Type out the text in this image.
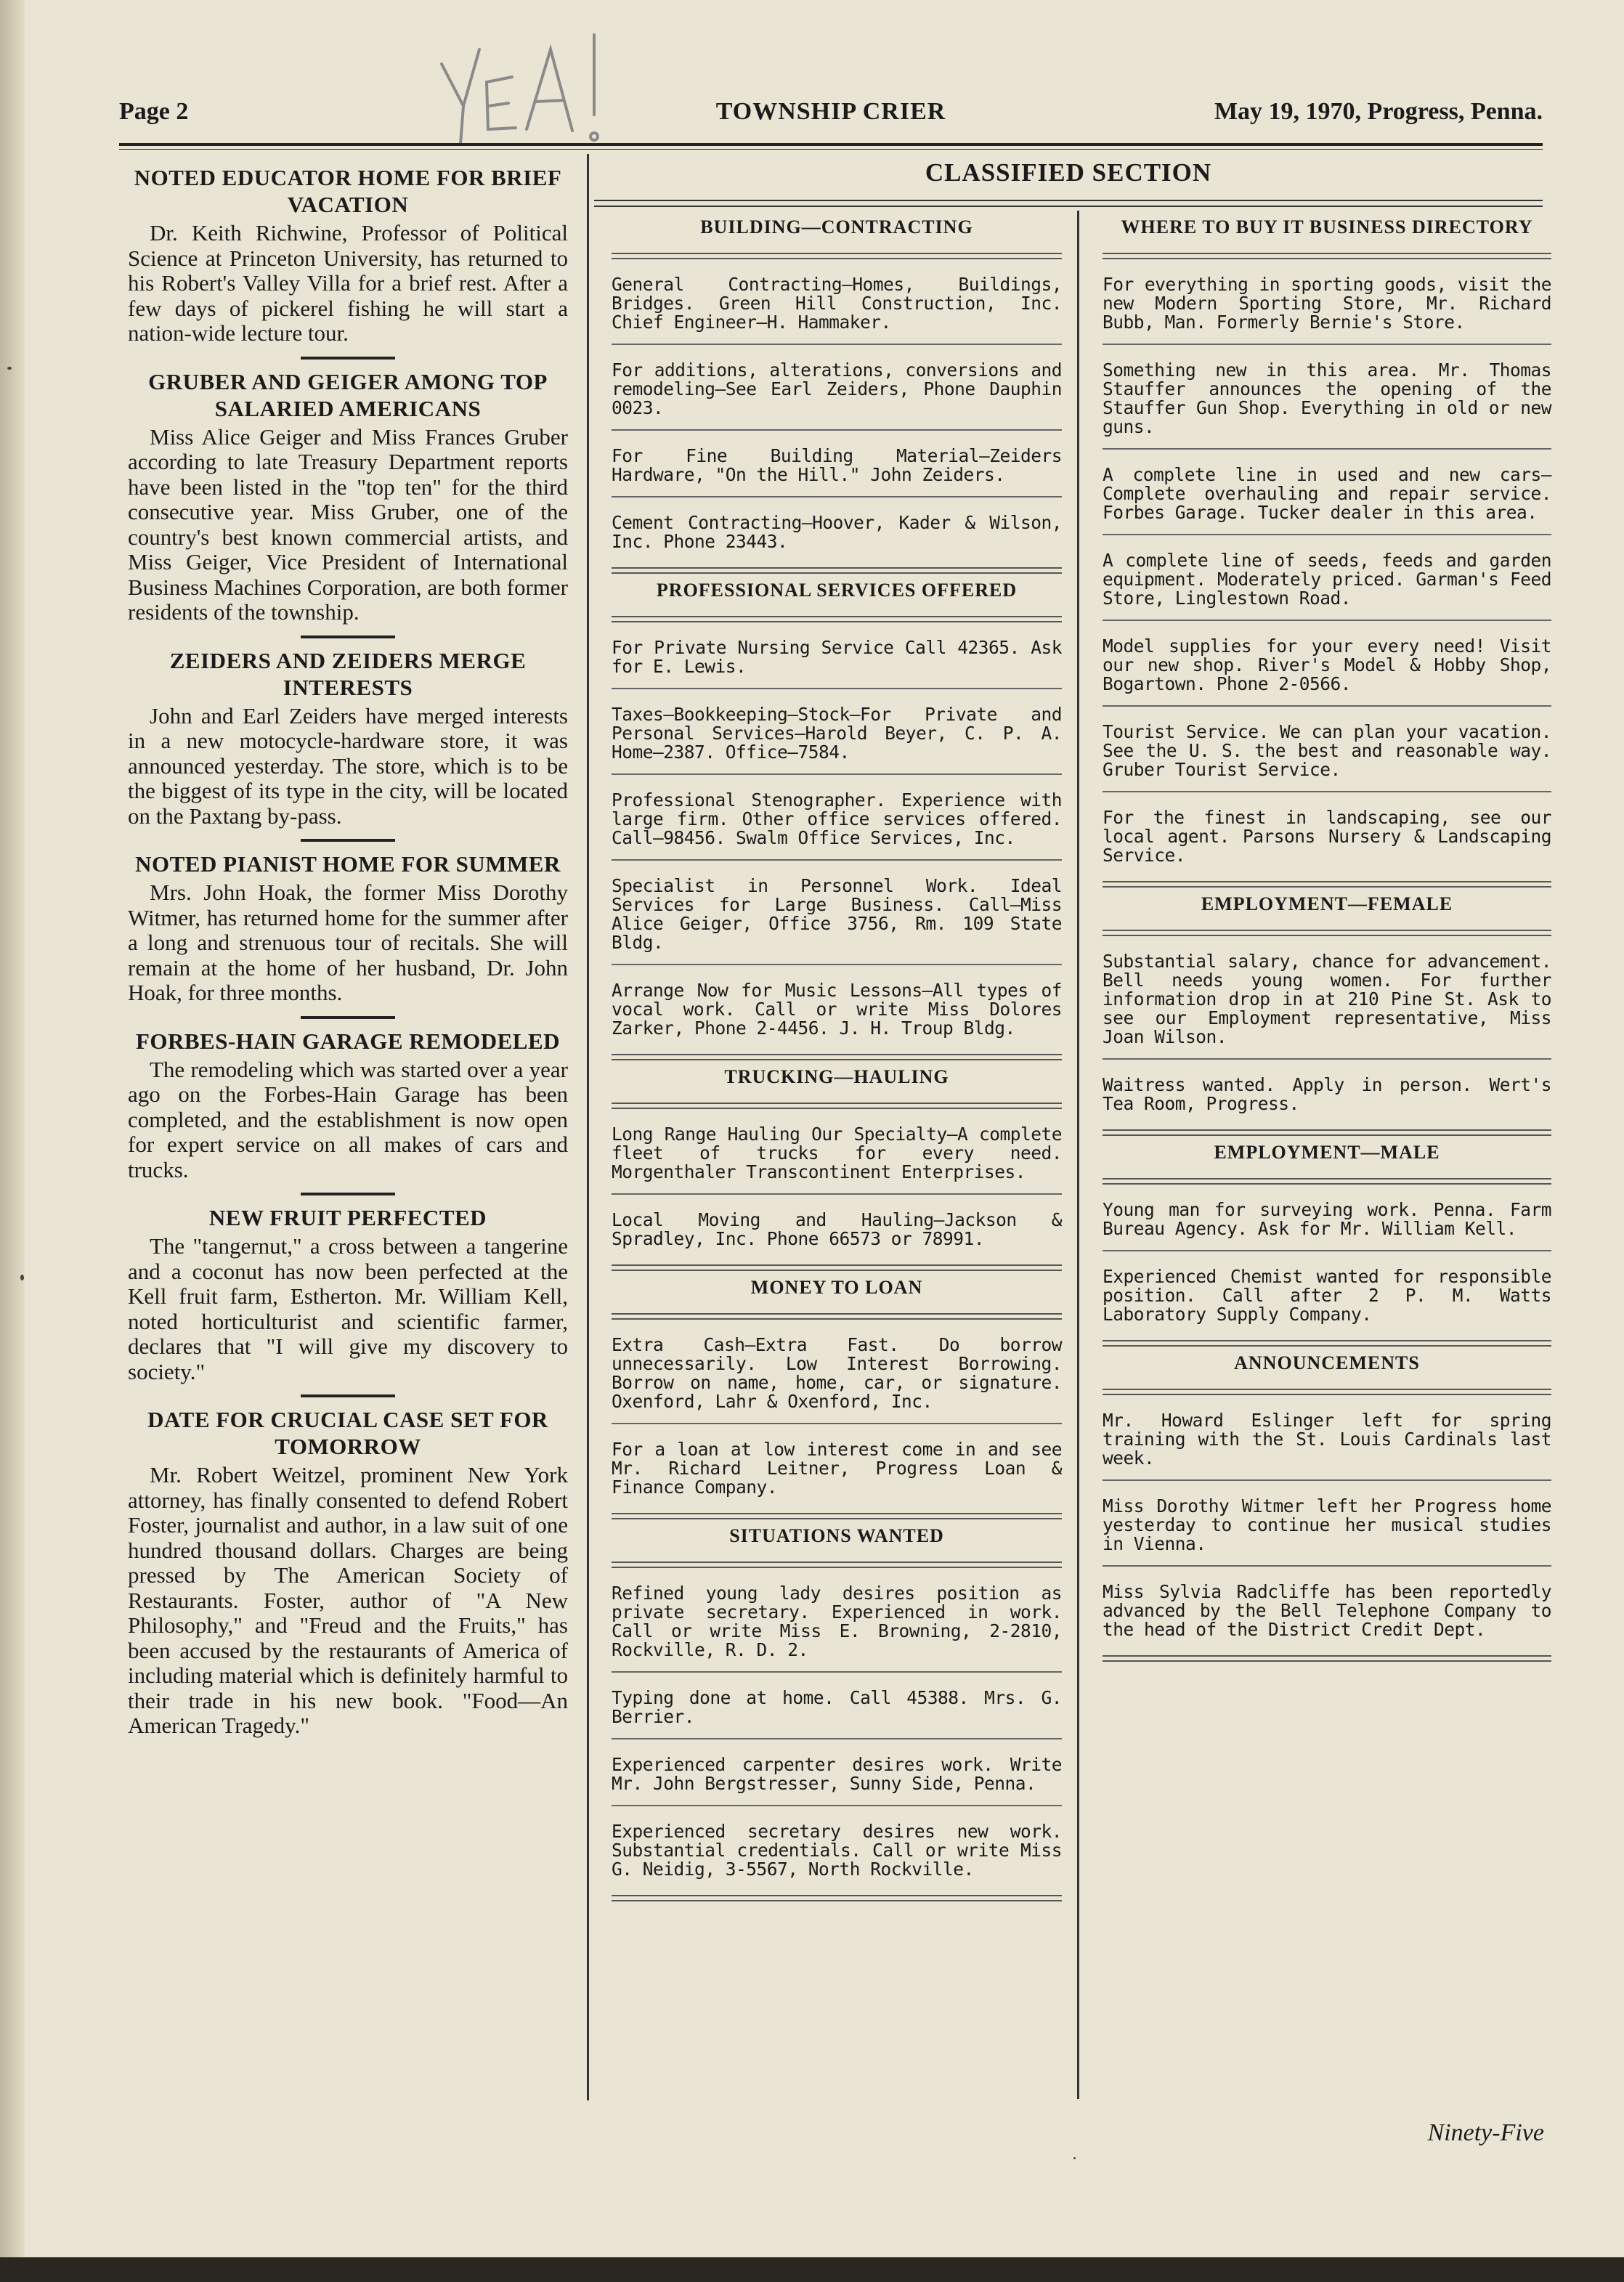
Page 2	TOWNSHIP CRIER	May 19, 1970, Progress, Penna.
NOTED EDUCATOR HOME FOR BRIEF VACATION

Dr. Keith Richwine, Professor of Political Science at Princeton University, has returned to his Robert's Valley Villa for a brief rest. After a few days of pickerel fishing he will start a nation-wide lecture tour.

GRUBER AND GEIGER AMONG TOP SALARIED AMERICANS

Miss Alice Geiger and Miss Frances Gruber according to late Treasury Department reports have been listed in the "top ten" for the third consecutive year. Miss Gruber, one of the country's best known commercial artists, and Miss Geiger, Vice President of International Business Machines Corporation, are both former residents of the township.

ZEIDERS AND ZEIDERS MERGE INTERESTS

John and Earl Zeiders have merged interests in a new motocycle-hardware store, it was announced yesterday. The store, which is to be the biggest of its type in the city, will be located on the Paxtang by-pass.

NOTED PIANIST HOME FOR SUMMER

Mrs. John Hoak, the former Miss Dorothy Witmer, has returned home for the summer after a long and strenuous tour of recitals. She will remain at the home of her husband, Dr. John Hoak, for three months.

FORBES-HAIN GARAGE REMODELED

The remodeling which was started over a year ago on the Forbes-Hain Garage has been completed, and the establishment is now open for expert service on all makes of cars and trucks.

NEW FRUIT PERFECTED

The "tangernut," a cross between a tangerine and a coconut has now been perfected at the Kell fruit farm, Estherton. Mr. William Kell, noted horticulturist and scientific farmer, declares that "I will give my discovery to society."

DATE FOR CRUCIAL CASE SET FOR TOMORROW

Mr. Robert Weitzel, prominent New York attorney, has finally consented to defend Robert Foster, journalist and author, in a law suit of one hundred thousand dollars. Charges are being pressed by The American Society of Restaurants. Foster, author of "A New Philosophy," and "Freud and the Fruits," has been accused by the restaurants of America of including material which is definitely harmful to their trade in his new book. "Food—An American Tragedy."

CLASSIFIED SECTION
BUILDING—CONTRACTING

General Contracting—Homes, Buildings, Bridges. Green Hill Construction, Inc. Chief Engineer—H. Hammaker.

For additions, alterations, conversions and remodeling—See Earl Zeiders, Phone Dauphin 0023.

For Fine Building Material—Zeiders Hardware, "On the Hill." John Zeiders.

Cement Contracting—Hoover, Kader & Wilson, Inc. Phone 23443.

PROFESSIONAL SERVICES OFFERED

For Private Nursing Service Call 42365. Ask for E. Lewis.

Taxes—Bookkeeping—Stock—For Private and Personal Services—Harold Beyer, C. P. A. Home—2387. Office—7584.

Professional Stenographer. Experience with large firm. Other office services offered. Call—98456. Swalm Office Services, Inc.

Specialist in Personnel Work. Ideal Services for Large Business. Call—Miss Alice Geiger, Office 3756, Rm. 109 State Bldg.

Arrange Now for Music Lessons—All types of vocal work. Call or write Miss Dolores Zarker, Phone 2-4456. J. H. Troup Bldg.

TRUCKING—HAULING

Long Range Hauling Our Specialty—A complete fleet of trucks for every need. Morgenthaler Transcontinent Enterprises.

Local Moving and Hauling—Jackson & Spradley, Inc. Phone 66573 or 78991.

MONEY TO LOAN

Extra Cash—Extra Fast. Do borrow unnecessarily. Low Interest Borrowing. Borrow on name, home, car, or signature. Oxenford, Lahr & Oxenford, Inc.

For a loan at low interest come in and see Mr. Richard Leitner, Progress Loan & Finance Company.

SITUATIONS WANTED

Refined young lady desires position as private secretary. Experienced in work. Call or write Miss E. Browning, 2-2810, Rockville, R. D. 2.

Typing done at home. Call 45388. Mrs. G. Berrier.

Experienced carpenter desires work. Write Mr. John Bergstresser, Sunny Side, Penna.

Experienced secretary desires new work. Substantial credentials. Call or write Miss G. Neidig, 3-5567, North Rockville.

WHERE TO BUY IT BUSINESS DIRECTORY

For everything in sporting goods, visit the new Modern Sporting Store, Mr. Richard Bubb, Man. Formerly Bernie's Store.

Something new in this area. Mr. Thomas Stauffer announces the opening of the Stauffer Gun Shop. Everything in old or new guns.

A complete line in used and new cars—Complete overhauling and repair service. Forbes Garage. Tucker dealer in this area.

A complete line of seeds, feeds and garden equipment. Moderately priced. Garman's Feed Store, Linglestown Road.

Model supplies for your every need! Visit our new shop. River's Model & Hobby Shop, Bogartown. Phone 2-0566.

Tourist Service. We can plan your vacation. See the U. S. the best and reasonable way. Gruber Tourist Service.

For the finest in landscaping, see our local agent. Parsons Nursery & Landscaping Service.

EMPLOYMENT—FEMALE

Substantial salary, chance for advancement. Bell needs young women. For further information drop in at 210 Pine St. Ask to see our Employment representative, Miss Joan Wilson.

Waitress wanted. Apply in person. Wert's Tea Room, Progress.

EMPLOYMENT—MALE

Young man for surveying work. Penna. Farm Bureau Agency. Ask for Mr. William Kell.

Experienced Chemist wanted for responsible position. Call after 2 P. M. Watts Laboratory Supply Company.

ANNOUNCEMENTS

Mr. Howard Eslinger left for spring training with the St. Louis Cardinals last week.

Miss Dorothy Witmer left her Progress home yesterday to continue her musical studies in Vienna.

Miss Sylvia Radcliffe has been reportedly advanced by the Bell Telephone Company to the head of the District Credit Dept.

Ninety-Five
